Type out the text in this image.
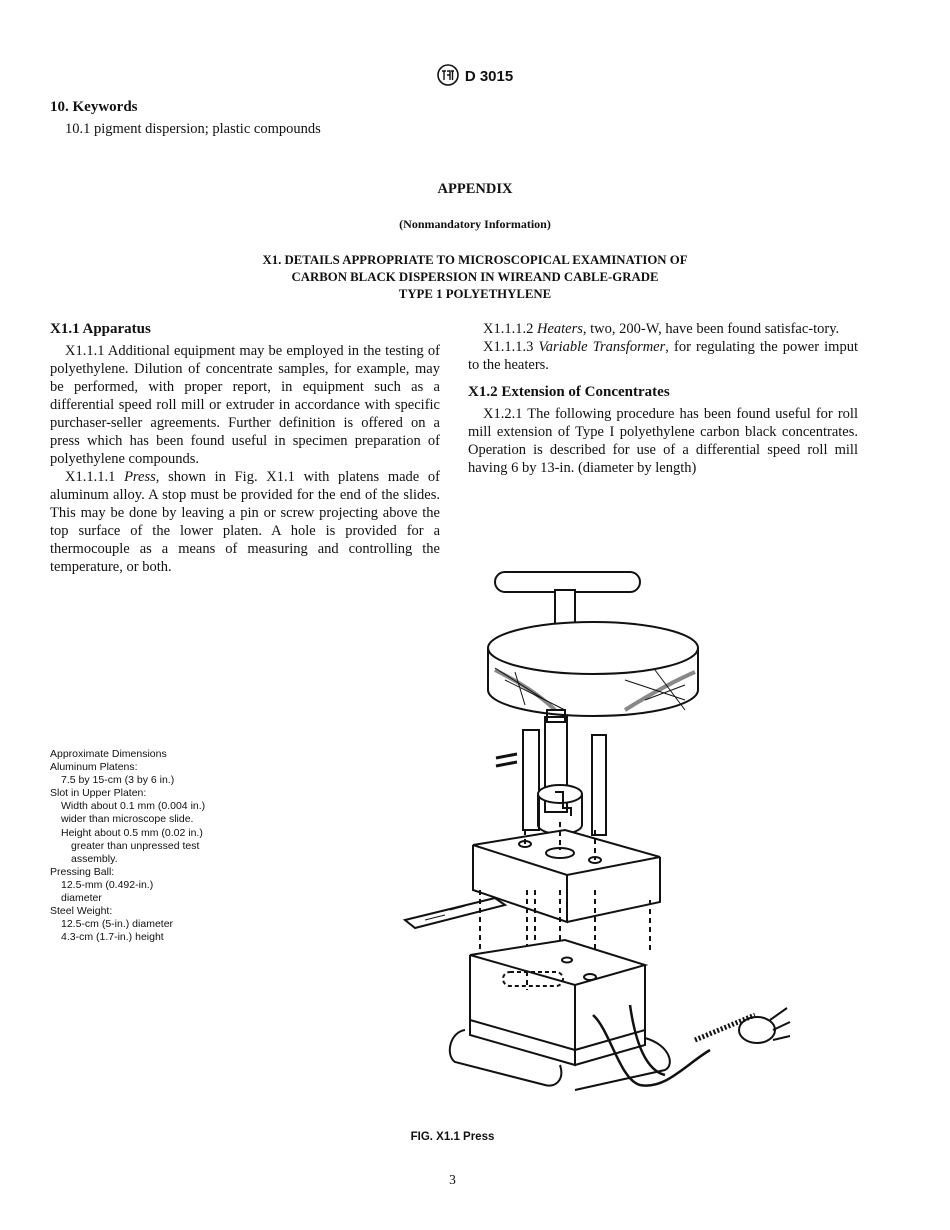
D 3015
10. Keywords
10.1 pigment dispersion; plastic compounds
APPENDIX
(Nonmandatory Information)
X1. DETAILS APPROPRIATE TO MICROSCOPICAL EXAMINATION OF
CARBON BLACK DISPERSION IN WIREAND CABLE-GRADE
TYPE 1 POLYETHYLENE
X1.1 Apparatus

X1.1.1 Additional equipment may be employed in the testing of polyethylene. Dilution of concentrate samples, for example, may be performed, with proper report, in equipment such as a differential speed roll mill or extruder in accordance with specific purchaser-seller agreements. Further definition is offered on a press which has been found useful in specimen preparation of polyethylene compounds.

X1.1.1.1 Press, shown in Fig. X1.1 with platens made of aluminum alloy. A stop must be provided for the end of the slides. This may be done by leaving a pin or screw projecting above the top surface of the lower platen. A hole is provided for a thermocouple as a means of measuring and controlling the temperature, or both.

X1.1.1.2 Heaters, two, 200-W, have been found satisfac-tory.

X1.1.1.3 Variable Transformer, for regulating the power imput to the heaters.

X1.2 Extension of Concentrates

X1.2.1 The following procedure has been found useful for roll mill extension of Type I polyethylene carbon black concentrates. Operation is described for use of a differential speed roll mill having 6 by 13-in. (diameter by length)

Approximate Dimensions
Aluminum Platens:
7.5 by 15-cm (3 by 6 in.)
Slot in Upper Platen:
Width about 0.1 mm (0.004 in.)
wider than microscope slide.
Height about 0.5 mm (0.02 in.)
greater than unpressed test
assembly.
Pressing Ball:
12.5-mm (0.492-in.)
diameter
Steel Weight:
12.5-cm (5-in.) diameter
4.3-cm (1.7-in.) height
FIG. X1.1 Press
3
